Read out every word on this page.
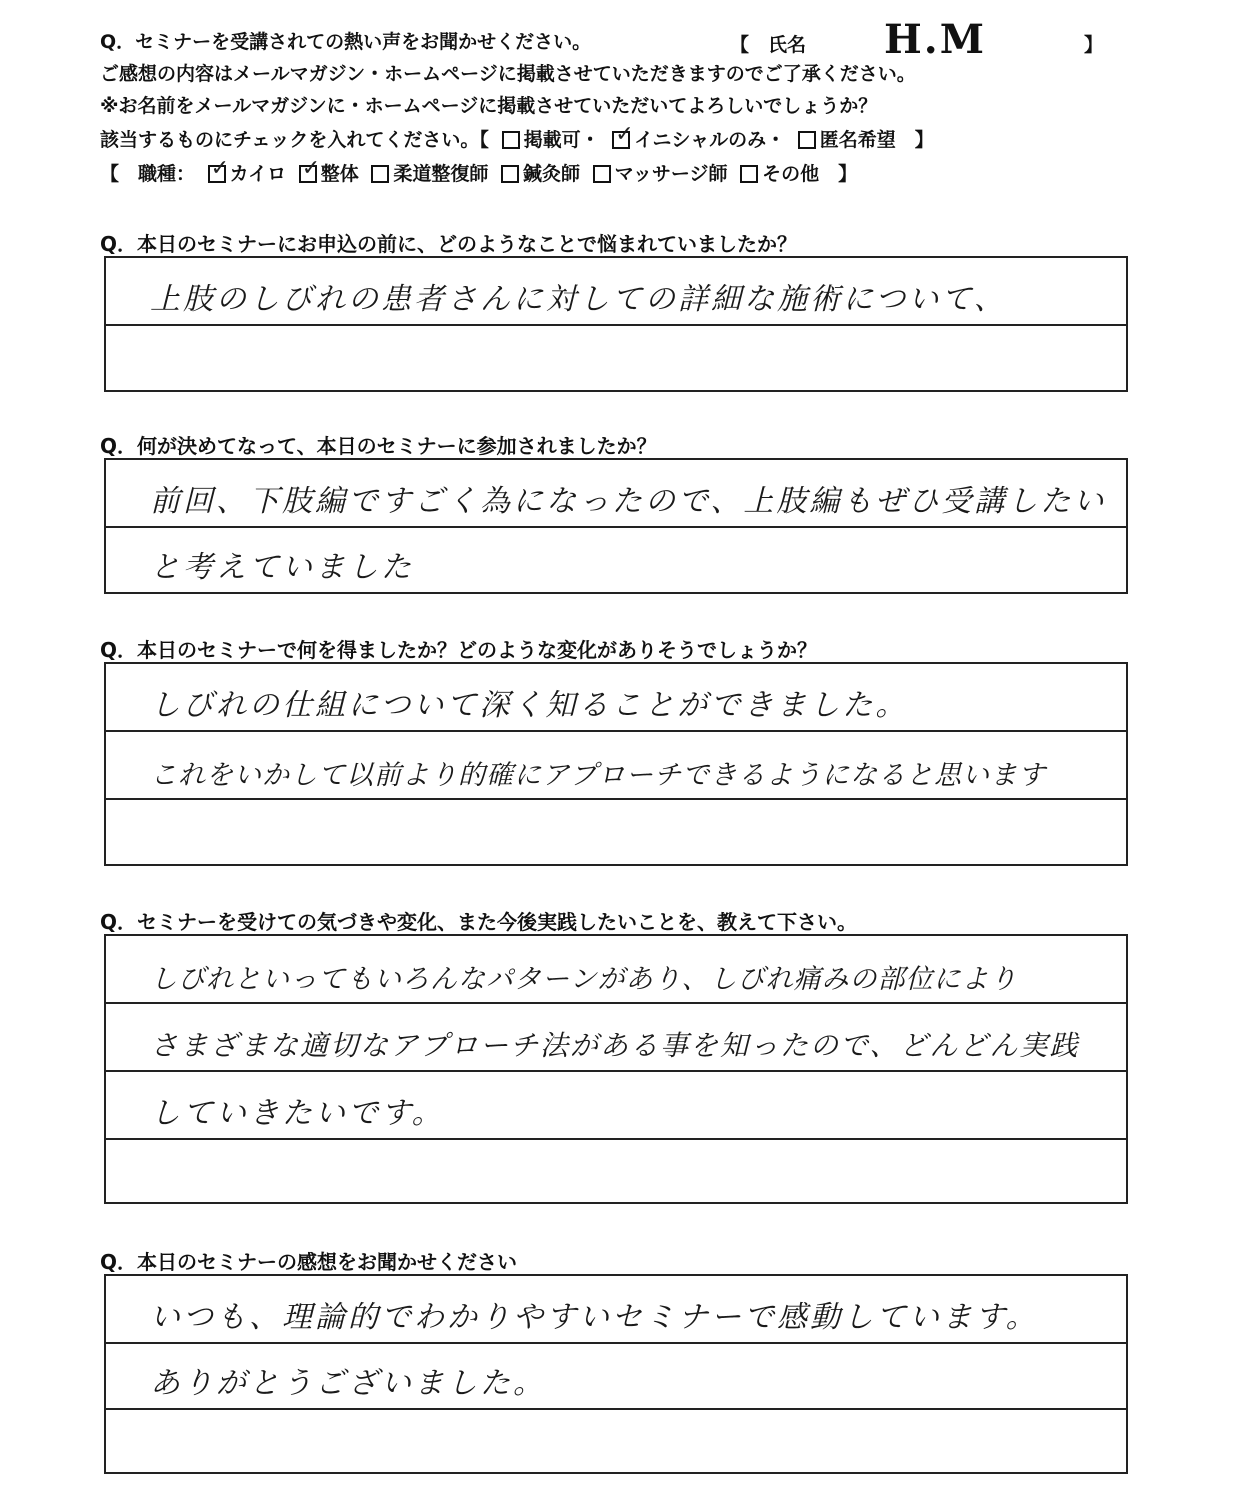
Q．セミナーを受講されての熱い声をお聞かせください。	【　氏名 H.M	】
ご感想の内容はメールマガジン・ホームページに掲載させていただきますのでご了承ください。
※お名前をメールマガジンに・ホームページに掲載させていただいてよろしいでしょうか？
該当するものにチェックを入れてください。【 掲載可・ ✓ イニシャルのみ・ 匿名希望　】
【　職種： ✓ カイロ ✓ 整体 柔道整復師 鍼灸師 マッサージ師 その他　】
Q．本日のセミナーにお申込の前に、どのようなことで悩まれていましたか？
上肢のしびれの患者さんに対しての詳細な施術について、
Q．何が決めてなって、本日のセミナーに参加されましたか？
前回、下肢編ですごく為になったので、上肢編もぜひ受講したい
と考えていました
Q．本日のセミナーで何を得ましたか？どのような変化がありそうでしょうか？
しびれの仕組について深く知ることができました。
これをいかして以前より的確にアプローチできるようになると思います
Q．セミナーを受けての気づきや変化、また今後実践したいことを、教えて下さい。
しびれといってもいろんなパターンがあり、しびれ痛みの部位により
さまざまな適切なアプローチ法がある事を知ったので、どんどん実践
していきたいです。
Q．本日のセミナーの感想をお聞かせください
いつも、理論的でわかりやすいセミナーで感動しています。
ありがとうございました。
